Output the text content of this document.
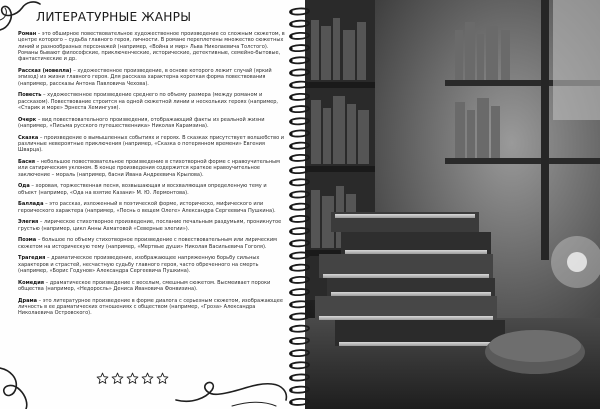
ЛИТЕРАТУРНЫЕ ЖАНРЫ

Роман – это обширное повествовательное художественное произведение со сложным сюжетом, в центре которого – судьба главного героя, личности. В романе переплетены множество сюжетных линий и разнообразных персонажей (например, «Война и мир» Льва Николаевича Толстого). Романы бывают философские, приключенческие, исторические, детективные, семейно-бытовые, фантастические и др.

Рассказ (новелла) – художественное произведение, в основе которого лежит случай (яркий эпизод) из жизни главного героя. Для рассказа характерна короткая форма повествования (например, рассказы Антона Павловича Чехова).

Повесть – художественное произведение среднего по объему размера (между романом и рассказом). Повествование строится на одной сюжетной линии и нескольких героях (например, «Старик и море» Эрнеста Хемингуэя).

Очерк – вид повествовательного произведения, отображающий факты из реальной жизни (например, «Письма русского путешественника» Николая Карамзина).

Сказка – произведение о вымышленных событиях и героях. В сказках присутствует волшебство и различные невероятные приключения (например, «Сказка о потерянном времени» Евгения Шварца).

Басня – небольшое повествовательное произведение в стихотворной форме с нравоучительным или сатирическим уклоном. В конце произведения содержится краткое нравоучительное заключение – мораль (например, басни Ивана Андреевича Крылова).

Ода – хоровая, торжественная песня, возвышающая и восхваляющая определенную тему и объект (например, «Ода на взятие Казани» М. Ю. Лермонтова).

Баллада – это рассказ, изложенный в поэтической форме, историческо, мифического или героического характера (например, «Песнь о вещем Олеге» Александра Сергеевича Пушкина).

Элегия – лирическое стихотворное произведение, послание печальным раздумьям, проникнутое грустью (например, цикл Анны Ахматовой «Северные элегии»).

Поэма – большое по объему стихотворное произведение с повествовательным или лирическим сюжетом на историческую тему (например, «Мертвые души» Николая Васильевича Гоголя).

Трагедия – драматическое произведение, изображающее напряженную борьбу сильных характеров и страстей, несчастную судьбу главного героя, часто обреченного на смерть (например, «Борис Годунов» Александра Сергеевича Пушкина).

Комедия – драматическое произведение с веселым, смешным сюжетом. Высмеивает пороки общества (например, «Недоросль» Дениса Ивановича Фонвизина).

Драма – это литературное произведение в форме диалога с серьезным сюжетом, изображающее личность в ее драматических отношениях с обществом (например, «Гроза» Александра Николаевича Островского).
